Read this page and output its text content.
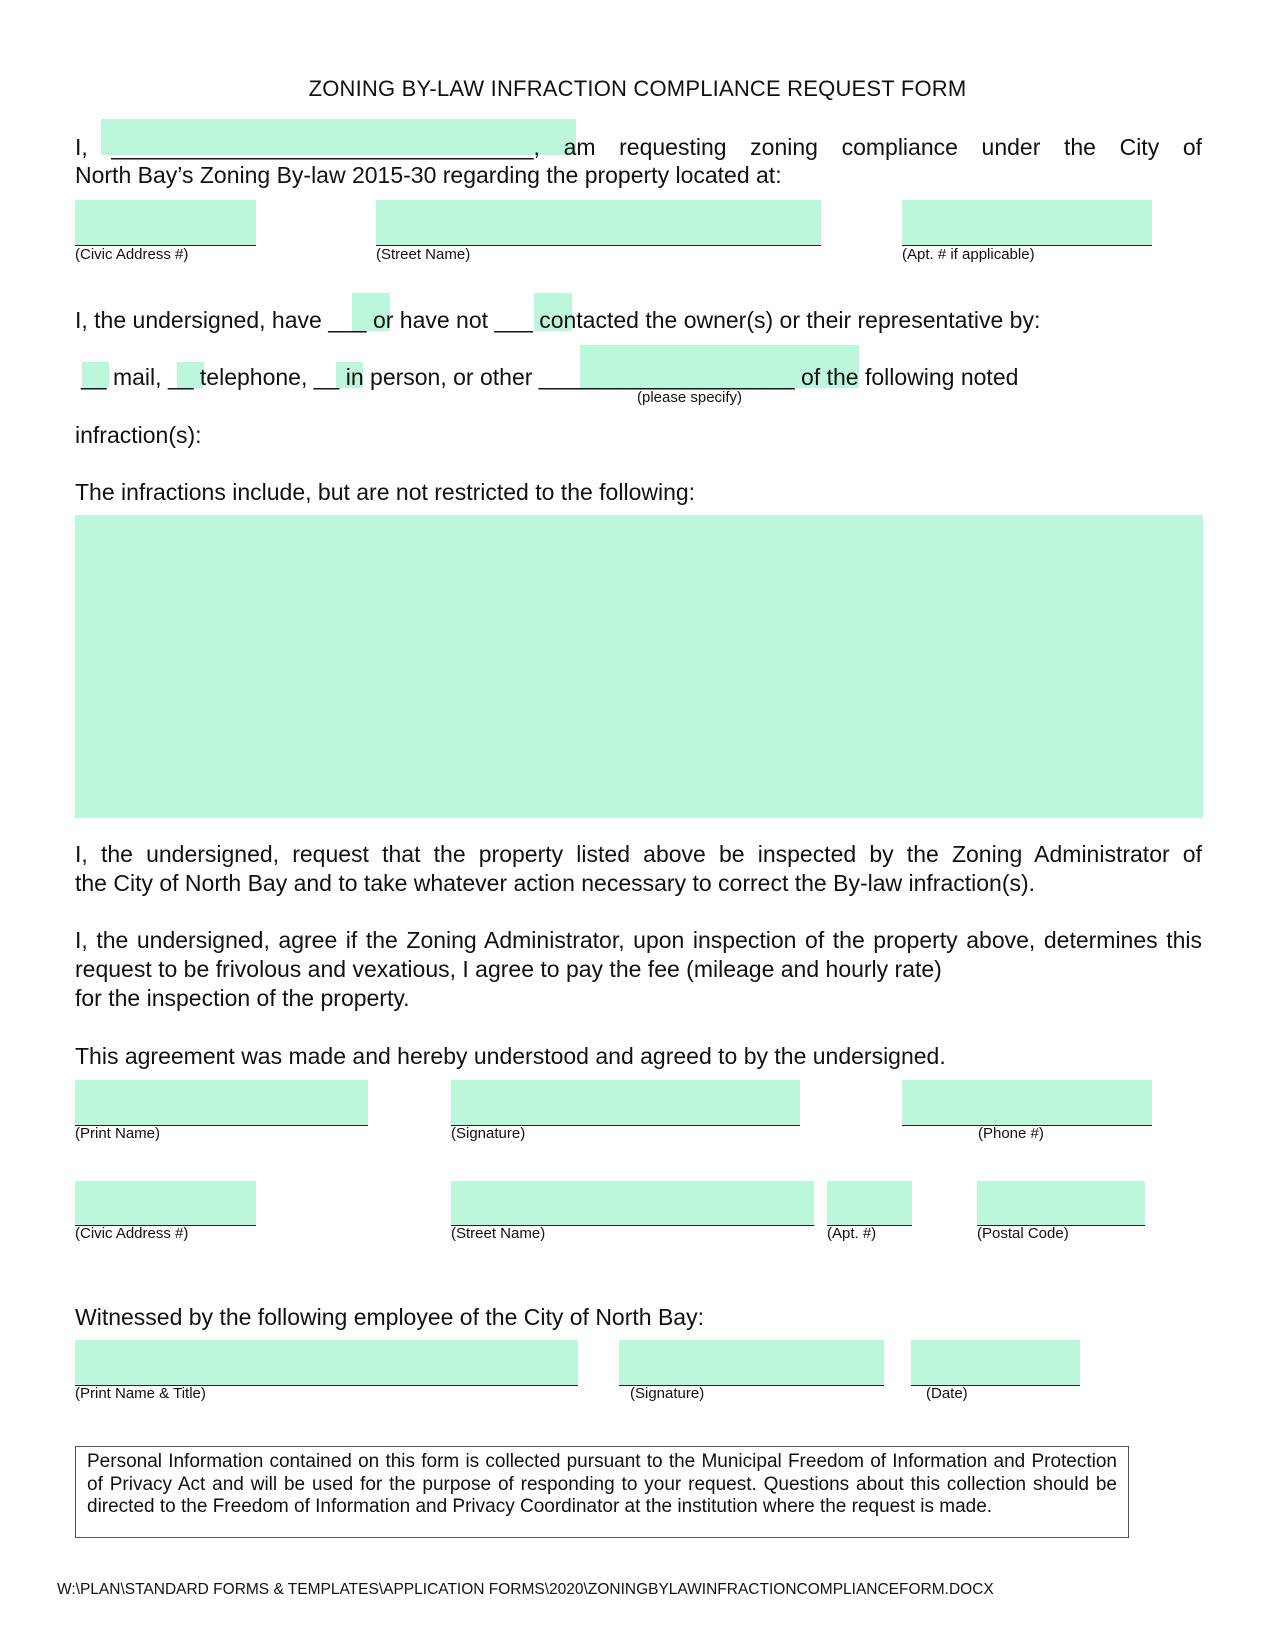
ZONING BY-LAW INFRACTION COMPLIANCE REQUEST FORM
I, _________________________________, am requesting zoning compliance under the City of
North Bay’s Zoning By-law 2015-30 regarding the property located at:
(Civic Address #)	(Street Name)	(Apt. # if applicable)
I, the undersigned, have ___ or have not ___ contacted the owner(s) or their representative by:
__ mail, __ telephone, __ in person, or other ____________________ of the following noted
(please specify)
infraction(s):
The infractions include, but are not restricted to the following:
I, the undersigned, request that the property listed above be inspected by the Zoning Administrator of
the City of North Bay and to take whatever action necessary to correct the By-law infraction(s).
I, the undersigned, agree if the Zoning Administrator, upon inspection of the property above, determines this request to be frivolous and vexatious, I agree to pay the fee (mileage and hourly rate)
for the inspection of the property.
This agreement was made and hereby understood and agreed to by the undersigned.
(Print Name)	(Signature)	(Phone #)
(Civic Address #)	(Street Name)	(Apt. #)	(Postal Code)
Witnessed by the following employee of the City of North Bay:
(Print Name & Title)	(Signature)	(Date)
Personal Information contained on this form is collected pursuant to the Municipal Freedom of Information and Protection of Privacy Act and will be used for the purpose of responding to your request. Questions about this collection should be directed to the Freedom of Information and Privacy Coordinator at the institution where the request is made.
W:\PLAN\STANDARD FORMS & TEMPLATES\APPLICATION FORMS\2020\ZONINGBYLAWINFRACTIONCOMPLIANCEFORM.DOCX
